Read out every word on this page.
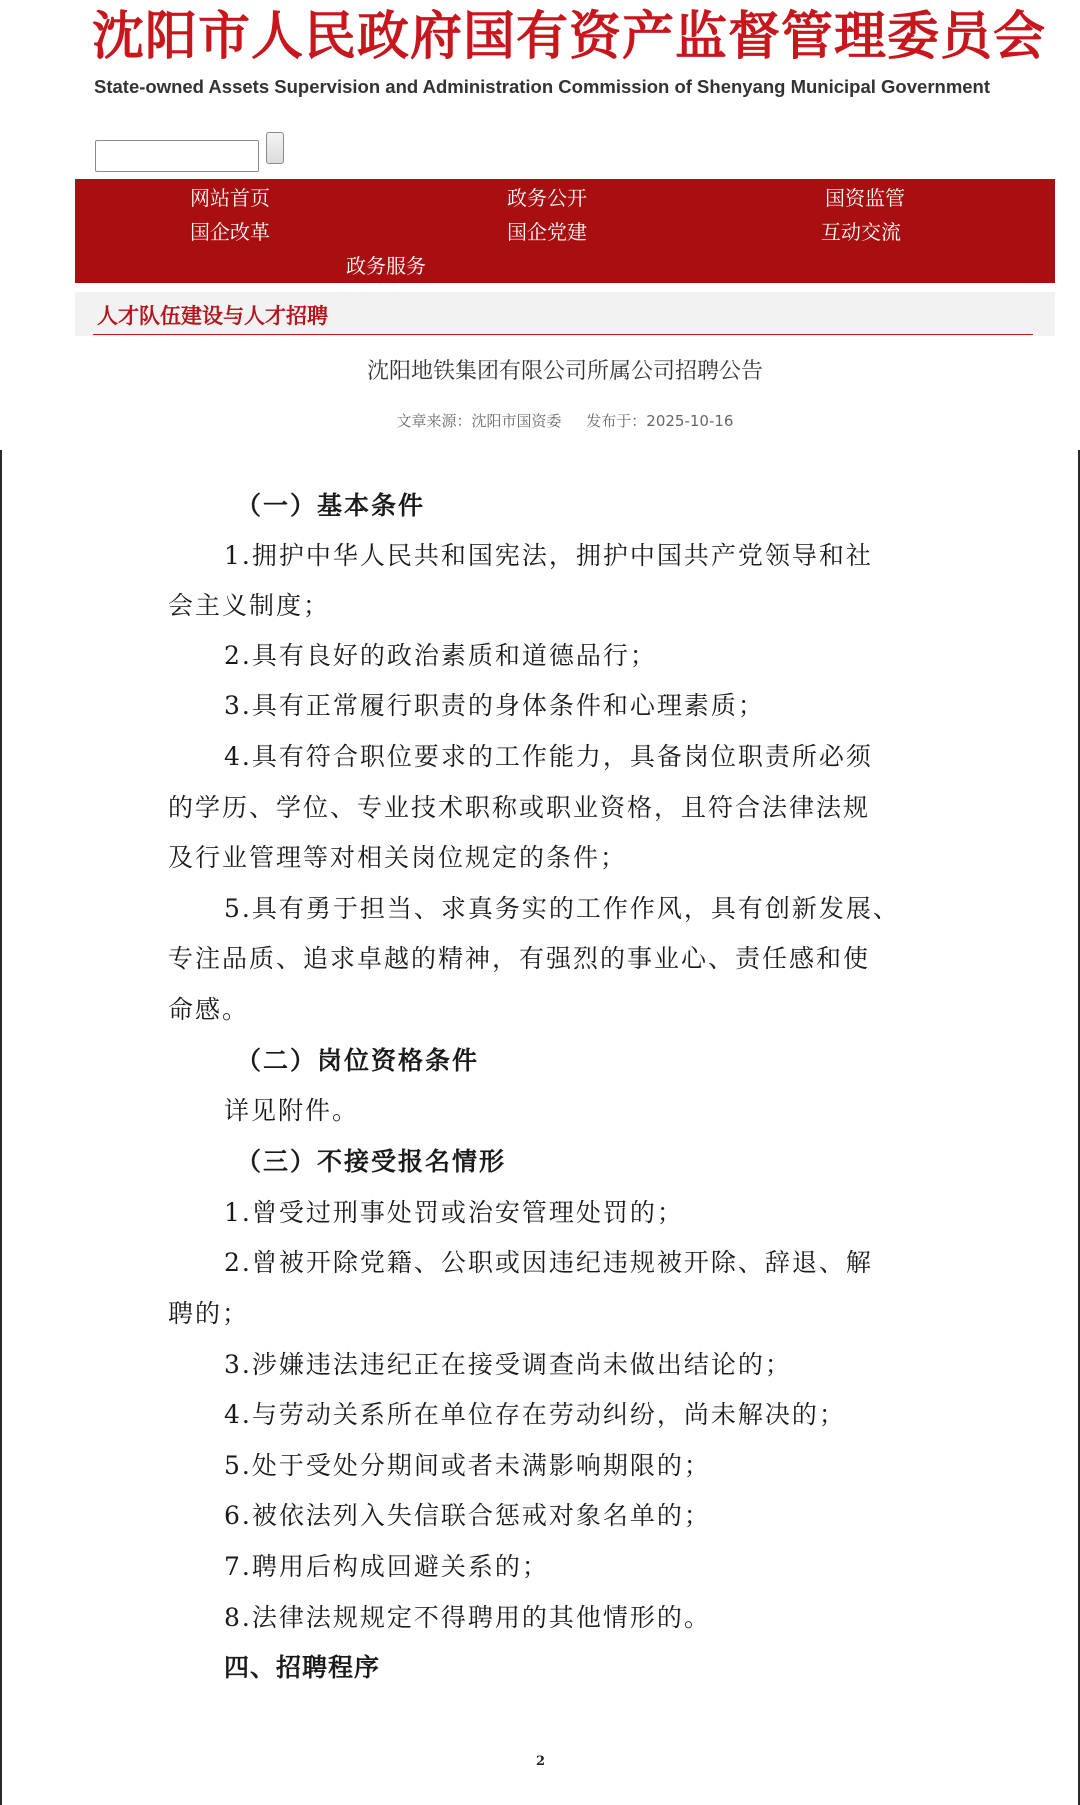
沈阳市人民政府国有资产监督管理委员会
State-owned Assets Supervision and Administration Commission of Shenyang Municipal Government
网站首页	政务公开	国资监管
国企改革	国企党建	互动交流
政务服务
人才队伍建设与人才招聘
沈阳地铁集团有限公司所属公司招聘公告
文章来源：沈阳市国资委 发布于：2025-10-16
（一）基本条件
1.拥护中华人民共和国宪法，拥护中国共产党领导和社
会主义制度；
2.具有良好的政治素质和道德品行；
3.具有正常履行职责的身体条件和心理素质；
4.具有符合职位要求的工作能力，具备岗位职责所必须
的学历、学位、专业技术职称或职业资格，且符合法律法规
及行业管理等对相关岗位规定的条件；
5.具有勇于担当、求真务实的工作作风，具有创新发展、
专注品质、追求卓越的精神，有强烈的事业心、责任感和使
命感。
（二）岗位资格条件
详见附件。
（三）不接受报名情形
1.曾受过刑事处罚或治安管理处罚的；
2.曾被开除党籍、公职或因违纪违规被开除、辞退、解
聘的；
3.涉嫌违法违纪正在接受调查尚未做出结论的；
4.与劳动关系所在单位存在劳动纠纷，尚未解决的；
5.处于受处分期间或者未满影响期限的；
6.被依法列入失信联合惩戒对象名单的；
7.聘用后构成回避关系的；
8.法律法规规定不得聘用的其他情形的。
四、招聘程序
2
